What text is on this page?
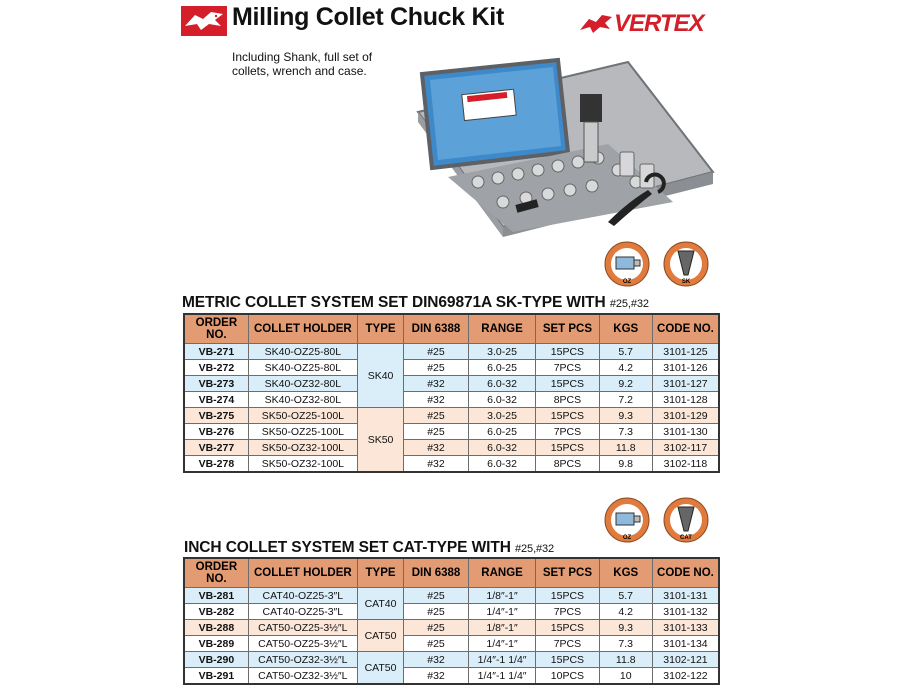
Milling Collet Chuck Kit	VERTEX
Including Shank, full set of collets, wrench and case.
OZ	SK
METRIC COLLET SYSTEM SET DIN69871A SK-TYPE WITH #25,#32
ORDER NO.	COLLET HOLDER	TYPE	DIN 6388	RANGE	SET PCS	KGS	CODE NO.
VB-271	SK40-OZ25-80L	SK40	#25	3.0-25	15PCS	5.7	3101-125
VB-272	SK40-OZ25-80L		#25	6.0-25	7PCS	4.2	3101-126
VB-273	SK40-OZ32-80L		#32	6.0-32	15PCS	9.2	3101-127
VB-274	SK40-OZ32-80L		#32	6.0-32	8PCS	7.2	3101-128
VB-275	SK50-OZ25-100L	SK50	#25	3.0-25	15PCS	9.3	3101-129
VB-276	SK50-OZ25-100L		#25	6.0-25	7PCS	7.3	3101-130
VB-277	SK50-OZ32-100L		#32	6.0-32	15PCS	11.8	3102-117
VB-278	SK50-OZ32-100L		#32	6.0-32	8PCS	9.8	3102-118
OZ	CAT
INCH COLLET SYSTEM SET CAT-TYPE WITH #25,#32
ORDER NO.	COLLET HOLDER	TYPE	DIN 6388	RANGE	SET PCS	KGS	CODE NO.
VB-281	CAT40-OZ25-3″L	CAT40	#25	1/8″-1″	15PCS	5.7	3101-131
VB-282	CAT40-OZ25-3″L		#25	1/4″-1″	7PCS	4.2	3101-132
VB-288	CAT50-OZ25-3½″L	CAT50	#25	1/8″-1″	15PCS	9.3	3101-133
VB-289	CAT50-OZ25-3½″L		#25	1/4″-1″	7PCS	7.3	3101-134
VB-290	CAT50-OZ32-3½″L	CAT50	#32	1/4″-1 1/4″	15PCS	11.8	3102-121
VB-291	CAT50-OZ32-3½″L		#32	1/4″-1 1/4″	10PCS	10	3102-122
